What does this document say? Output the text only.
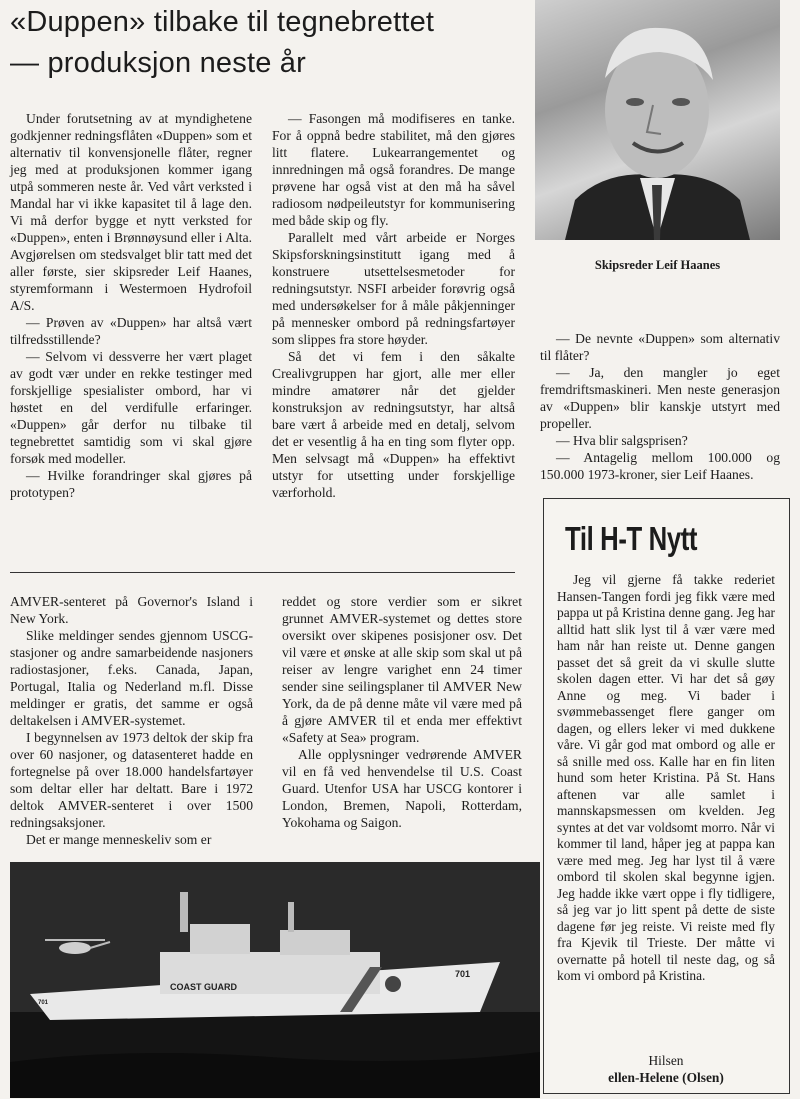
«Duppen» tilbake til tegnebrettet
— produksjon neste år

Under forutsetning av at myndighetene godkjenner redningsflåten «Duppen» som et alternativ til konvensjonelle flåter, regner jeg med at produksjonen kommer igang utpå sommeren neste år. Ved vårt verksted i Mandal har vi ikke kapasitet til å lage den. Vi må derfor bygge et nytt verksted for «Duppen», enten i Brønnøysund eller i Alta. Avgjørelsen om stedsvalget blir tatt med det aller første, sier skipsreder Leif Haanes, styremformann i Westermoen Hydrofoil A/S.

— Prøven av «Duppen» har altså vært tilfredsstillende?

— Selvom vi dessverre her vært plaget av godt vær under en rekke testinger med forskjellige spesialister ombord, har vi høstet en del verdifulle erfaringer. «Duppen» går derfor nu tilbake til tegnebrettet samtidig som vi skal gjøre forsøk med modeller.

— Hvilke forandringer skal gjøres på prototypen?

— Fasongen må modifiseres en tanke. For å oppnå bedre stabilitet, må den gjøres litt flatere. Lukearrangementet og innredningen må også forandres. De mange prøvene har også vist at den må ha såvel radiosom nødpeileutstyr for kommunisering med både skip og fly.

Parallelt med vårt arbeide er Norges Skipsforskningsinstitutt igang med å konstruere utsettelsesmetoder for redningsutstyr. NSFI arbeider forøvrig også med undersøkelser for å måle påkjenninger på mennesker ombord på redningsfartøyer som slippes fra store høyder.

Så det vi fem i den såkalte Crealivgruppen har gjort, alle mer eller mindre amatører når det gjelder konstruksjon av redningsutstyr, har altså bare vært å arbeide med en detalj, selvom det er vesentlig å ha en ting som flyter opp. Men selvsagt må «Duppen» ha effektivt utstyr for utsetting under forskjellige værforhold.

Skipsreder Leif Haanes

— De nevnte «Duppen» som alternativ til flåter?

— Ja, den mangler jo eget fremdriftsmaskineri. Men neste generasjon av «Duppen» blir kanskje utstyrt med propeller.

— Hva blir salgsprisen?

— Antagelig mellom 100.000 og 150.000 1973-kroner, sier Leif Haanes.

AMVER-senteret på Governor's Island i New York.

Slike meldinger sendes gjennom USCG-stasjoner og andre samarbeidende nasjoners radiostasjoner, f.eks. Canada, Japan, Portugal, Italia og Nederland m.fl. Disse meldinger er gratis, det samme er også deltakelsen i AMVER-systemet.

I begynnelsen av 1973 deltok der skip fra over 60 nasjoner, og datasenteret hadde en fortegnelse på over 18.000 handelsfartøyer som deltar eller har deltatt. Bare i 1972 deltok AMVER-senteret i over 1500 redningsaksjoner.

Det er mange menneskeliv som er

reddet og store verdier som er sikret grunnet AMVER-systemet og dettes store oversikt over skipenes posisjoner osv. Det vil være et ønske at alle skip som skal ut på reiser av lengre varighet enn 24 timer sender sine seilingsplaner til AMVER New York, da de på denne måte vil være med på å gjøre AMVER til et enda mer effektivt «Safety at Sea» program.

Alle opplysninger vedrørende AMVER vil en få ved henvendelse til U.S. Coast Guard. Utenfor USA har USCG kontorer i London, Bremen, Napoli, Rotterdam, Yokohama og Saigon.

COAST GUARD
701
701
Til H-T Nytt

Jeg vil gjerne få takke rederiet Hansen-Tangen fordi jeg fikk være med pappa ut på Kristina denne gang. Jeg har alltid hatt slik lyst til å vær være med ham når han reiste ut. Denne gangen passet det så greit da vi skulle slutte skolen dagen etter. Vi har det så gøy Anne og meg. Vi bader i svømmebassenget flere ganger om dagen, og ellers leker vi med dukkene våre. Vi går god mat ombord og alle er så snille med oss. Kalle har en fin liten hund som heter Kristina. På St. Hans aftenen var alle samlet i mannskapsmessen om kvelden. Jeg syntes at det var voldsomt morro. Når vi kommer til land, håper jeg at pappa kan være med meg. Jeg har lyst til å være ombord til skolen skal begynne igjen. Jeg hadde ikke vært oppe i fly tidligere, så jeg var jo litt spent på dette de siste dagene før jeg reiste. Vi reiste med fly fra Kjevik til Trieste. Der måtte vi overnatte på hotell til neste dag, og så kom vi ombord på Kristina.

Hilsen
ellen-Helene (Olsen)
